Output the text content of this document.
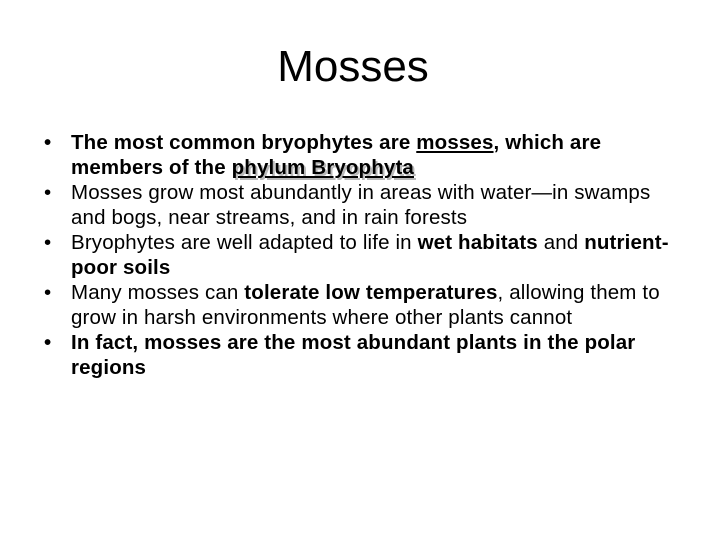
Mosses
• The most common bryophytes are mosses, which are members of the phylum Bryophyta
• Mosses grow most abundantly in areas with water—in swamps and bogs, near streams, and in rain forests
• Bryophytes are well adapted to life in wet habitats and nutrient-poor soils
• Many mosses can tolerate low temperatures, allowing them to grow in harsh environments where other plants cannot
• In fact, mosses are the most abundant plants in the polar regions
